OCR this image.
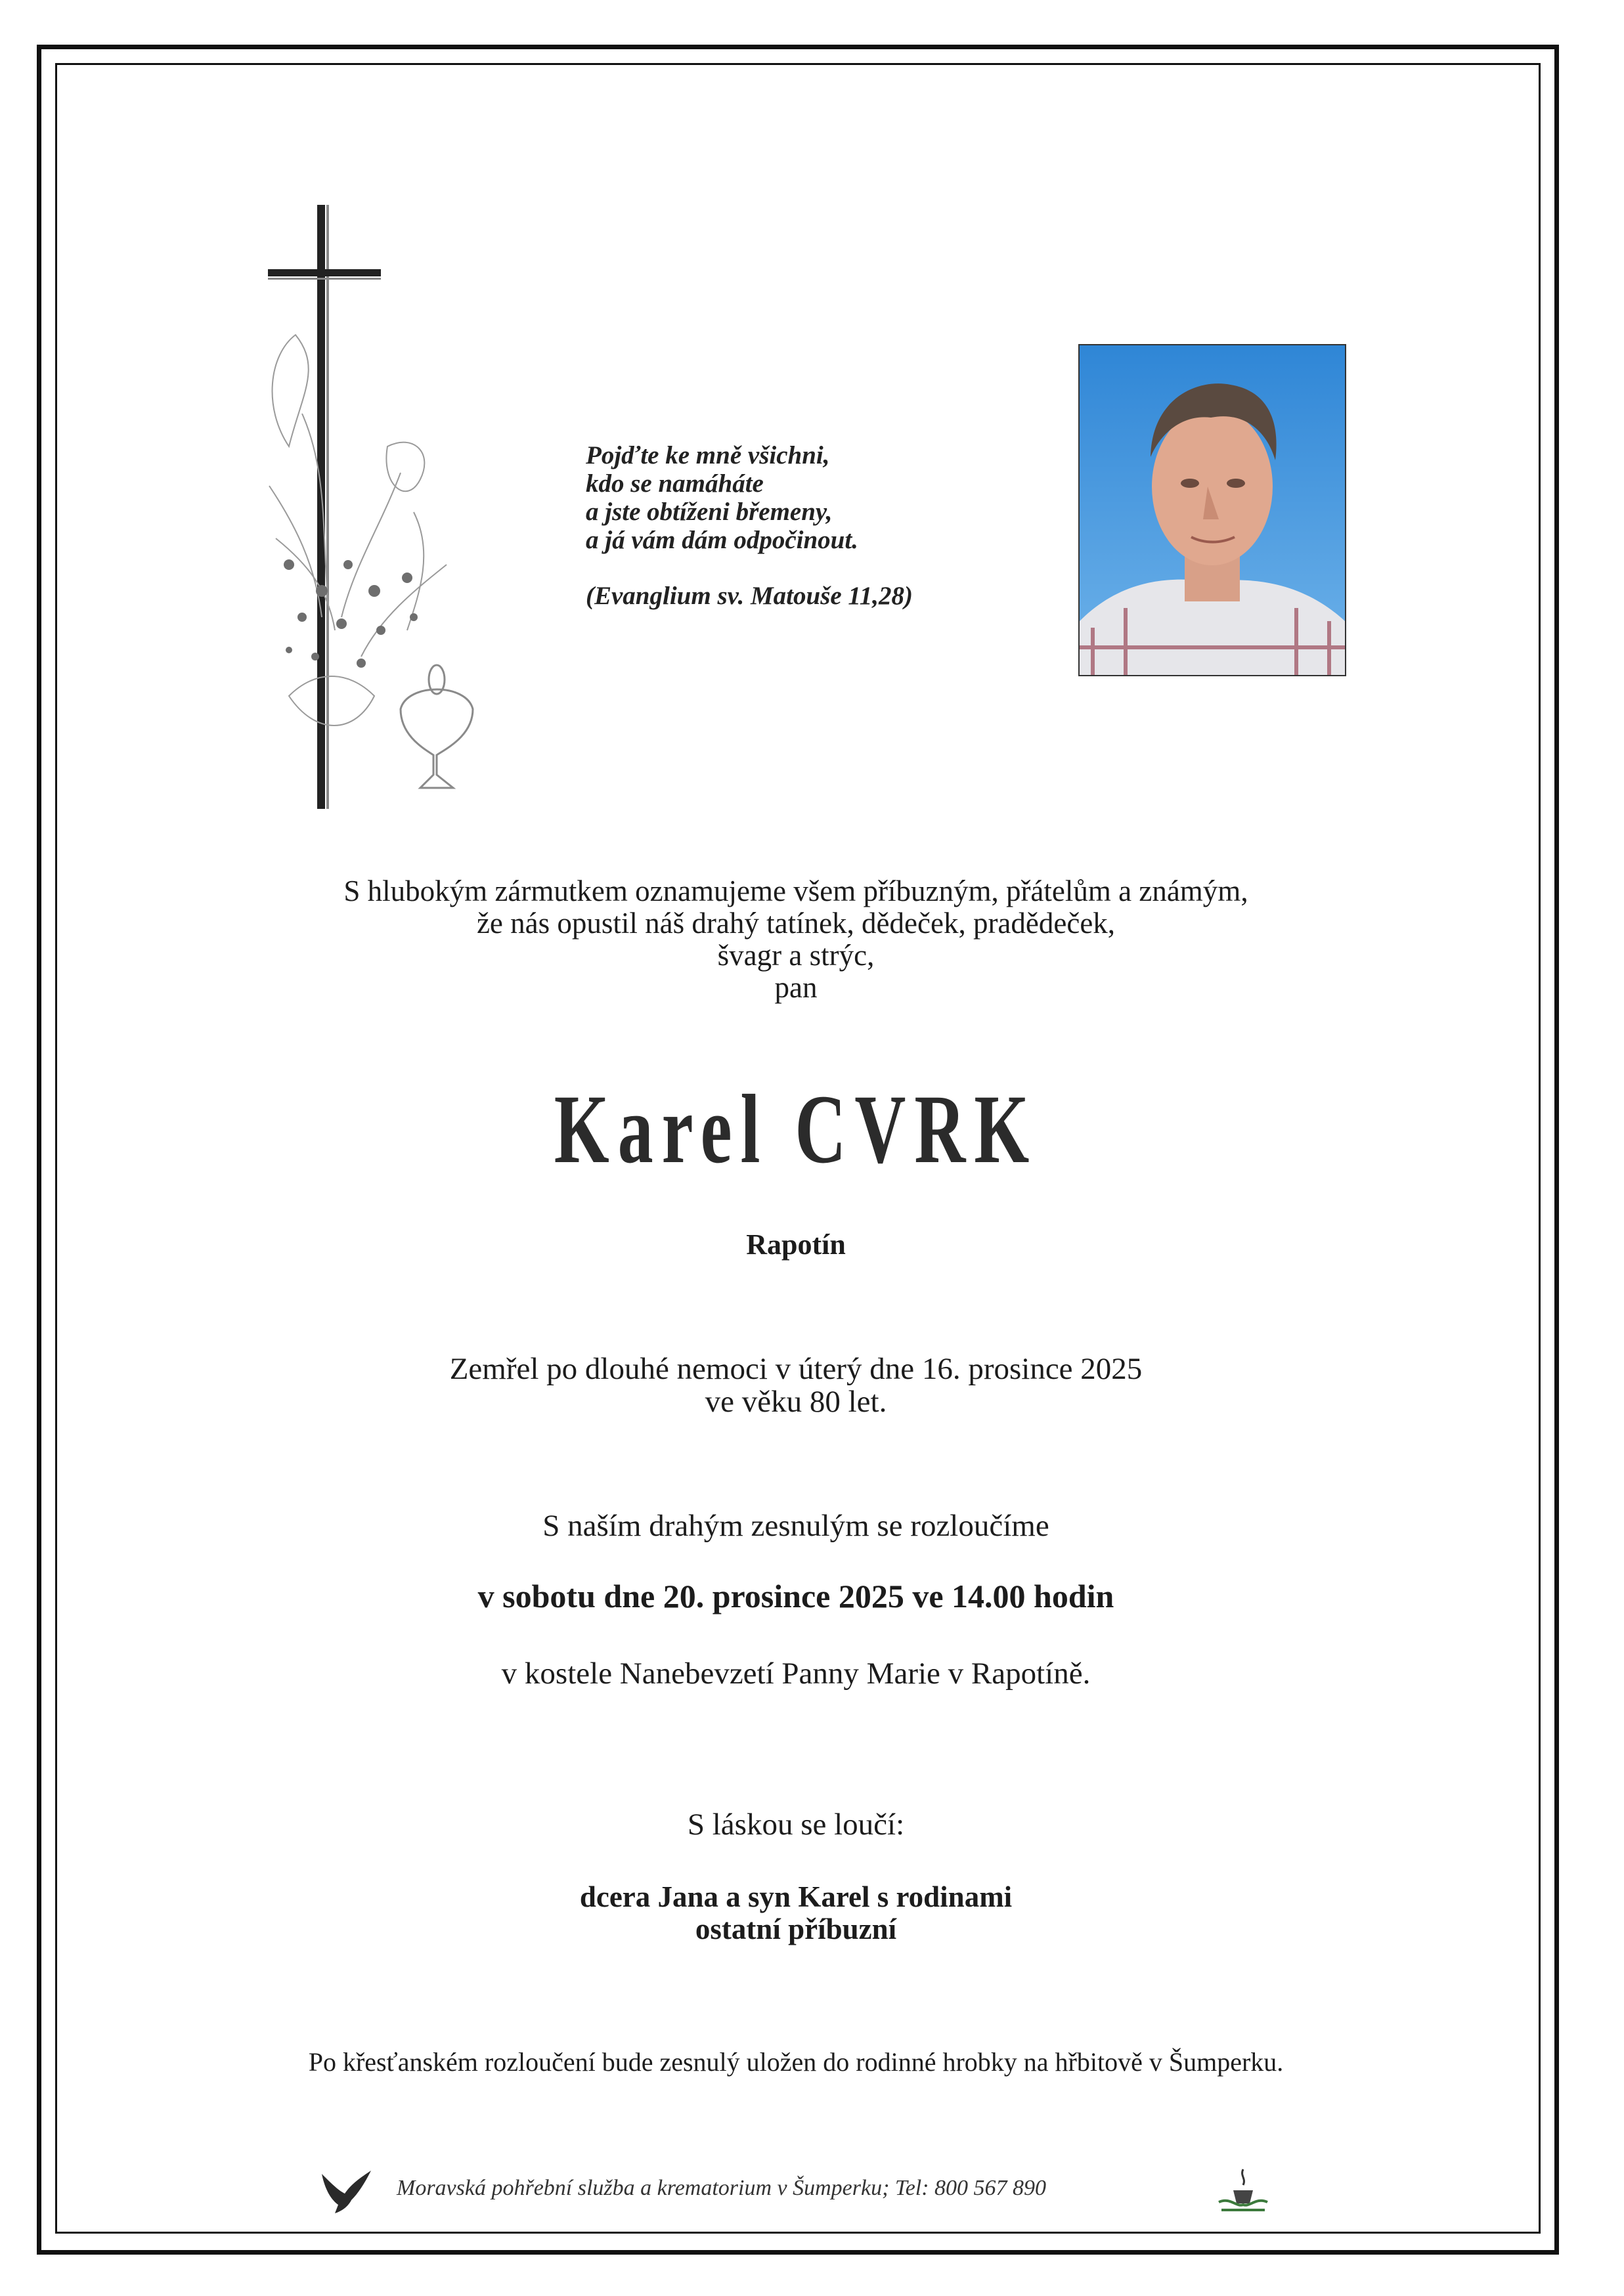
Pojďte ke mně všichni,
kdo se namáháte
a jste obtíženi břemeny,
a já vám dám odpočinout.
(Evanglium sv. Matouše 11,28)
S hlubokým zármutkem oznamujeme všem příbuzným, přátelům a známým,
že nás opustil náš drahý tatínek, dědeček, pradědeček,
švagr a strýc,
pan
Karel CVRK
Rapotín
Zemřel po dlouhé nemoci v úterý dne 16. prosince 2025
ve věku 80 let.
S naším drahým zesnulým se rozloučíme
v sobotu dne 20. prosince 2025 ve 14.00 hodin
v kostele Nanebevzetí Panny Marie v Rapotíně.
S láskou se loučí:
dcera Jana a syn Karel s rodinami
ostatní příbuzní
Po křesťanském rozloučení bude zesnulý uložen do rodinné hrobky na hřbitově v Šumperku.
Moravská pohřební služba a krematorium v Šumperku; Tel: 800 567 890
